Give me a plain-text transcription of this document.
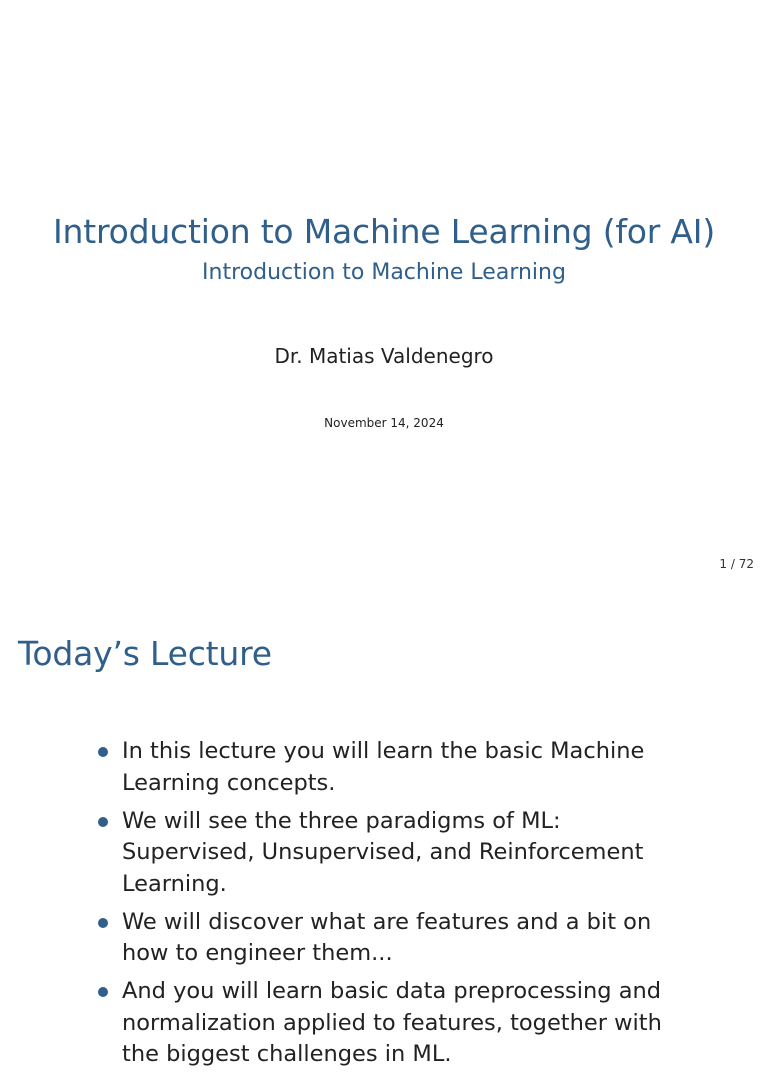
Introduction to Machine Learning (for AI)
Introduction to Machine Learning
Dr. Matias Valdenegro
November 14, 2024
1 / 72
Today’s Lecture
In this lecture you will learn the basic Machine Learning concepts.
We will see the three paradigms of ML: Supervised, Unsupervised, and Reinforcement Learning.
We will discover what are features and a bit on how to engineer them...
And you will learn basic data preprocessing and normalization applied to features, together with the biggest challenges in ML.
